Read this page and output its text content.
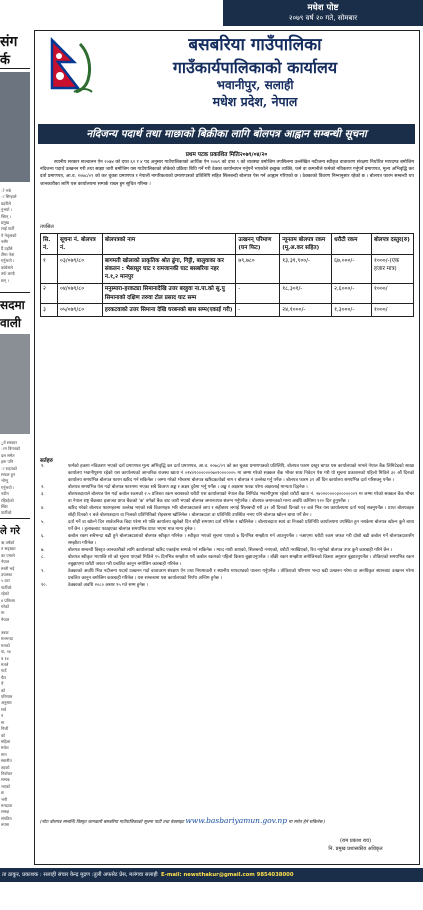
मधेश पोष्ट
२०७९ वर्ष २० गते, सोमबार
संग
र्क
ो भन्ने
ा सिन्हाले
प्रहरीले
नुभयो ।
न्छिन् ।
प्रमुख
लाई पार्टी
ने नेतृत्वको
नसँग
र्दै उहाँले
टीमा नेता
गर्नुभयो ।
कांग्रेसले
तर्फ लाग्दै
छन् ।
सदमा
वाली
ुर्व सरकार
ाम विगतको
दल समेत
हरू पनि
ा राहतको
सफल हुन
भोग्नु
गर्नुभयो ।
नवीन
रहिरहेको
स्थिर
पार्टीको
ले गरे
ऋ वर्षको
त सङ्ख्या
का एमाले
नेपाल
मस्ती भई
उपलब्ध
५ वटा
पार्टीको
रहेको
४ प्रतिशत
गरेको
मा
नेपाल
तबाट
मतभन्दा
मतको
पा, १४
व १४
मतले
गाउँ
चैत
र्ने
को
परिणाम
अनुसार
सर्व
न
मा
निजी
को
महिला
मधेश
माग
स्थानीय
तहको
निर्वाचन
सम्पन्न
भएको
छ
भनी
मतदाता
समक्ष
संगठित
रुपमा
बसबरिया गाउँपालिका
गाउँकार्यपालिकाको कार्यालय
भवानीपुर, सलाही
मधेश प्रदेश, नेपाल
नदिजन्य पदार्थ तथा माछाको बिक्रीका लागि बोलपत्र आह्वान सम्बन्धी सूचना
प्रथम पटक प्रकाशित मितिः२०७९/०४/२०

स्थानीय सरकार सञ्चालन ऐन २०७४ को दफा ६२ र ४ पद अनुसार गाउँपालिकाको आर्थिक ऐन २०७९ को दफा ९ को व्यवस्था बमोजिम तपसिलमा उल्लेखित नदीजन्य स्वीकृत वातावरण संरक्षण निर्धारित मापदण्ड बमोजिम नदिजन्य पदार्थ उत्खनन गरी तथा साझा जारी बमोजिम यस गाउँपालिकाको तोकेको प्रक्रिया बिधि गर्ने गरी ठेक्का कार्यान्वयन गर्नुपर्ने भएकोले इच्छुक व्यक्ति, फर्म वा कम्पनीले फर्मको नविकरण गर्नुपर्ने प्रमाणपत्र, मूल्य अभिवृद्धि कर दर्ता प्रमाणपत्र, आ.व. २०७८/०९ को कर चुक्ता प्रमाणपत्र र नेपाली नागरिकताको प्रमाणपत्रको प्रतिलिपि सहित सिलबन्दी बोलपत्र पेस गर्न आह्वान गरिएको छ । ठेक्काको विवरण निम्नानुसार रहेको छ । बोलपत्र फारम सम्बन्धी थप जानकारीका लागि यस कार्यालयमा सम्पर्क राख्न हुन सूचित गरिन्छ ।

तपसिल
सि. नं.	सूचना नं. बोलपत्र नं.	बोलपत्रको नाम	उत्खनन् परिमाण (घन फिट)	न्यूनतम बोलपत्र रकम (मू.अ.कर सहित)	धरौटी रकम	बोलपत्र दस्तुर(रु)
१	०३/०७९/८०	बागमती खोलाको प्राकृतिक श्रोत ढुंगा, गिट्टी, बालुवाका कर संकलन : भैसासुर घाट र रामजानकी घाट बसबरिया नहर न.१,२ मानपुर	७९,७८०	१३,३१,९००/-	६७,०००/-	१०००/-(एक हजार मात्र)
२	०४/०७९/८०	मनुस्मारा-हरकट्या सिमानादेखि उत्तर बरहुवा ना.पा.को सु.पु सिमानाको दक्षिण तरुवा टोल प्रसाद घाट सम्म	-	१८,३०१/-	२,६०००/-	१०००/
३	०५/०७९/८०	हरकटवाको उत्तर सिमाना देखि घरबनको बास सम्म(एकाई गरी)	-	२४,१०००/-	१,३०००/-	१०००/
सर्तहरु
१.	फर्मको हकमा नविकरण भएको दर्ता प्रमाणपत्र मूल्य अभिवृद्धि कर दर्ता प्रमाणपत्र, आ.व. २०७८/०९ को कर चुक्ता प्रमाणपत्रको प्रतिलिपि, बोलपत्र फारम दस्तुर बापत यस कार्यालयको नामले नेपाल बैंक लिमिटेडको साखा कार्यालय भवानीपुरमा रहेको यस कार्यालयको आन्तरिक राजस्व खाता नं ०२४०१०००००००७०१००००००५ मा जम्मा गरेको सक्कल बैंक भौचर साथ निवेदन पेस गरी यो सूचना प्रकाशनको पहिलो मितिले ३० औं दिनको कार्यालय समयभित्र बोलपत्र फारम खरिद गर्न सकिनेछ । जम्मा गरेको भौचरमा बोलपत्र खरिदकर्ताको नाम र बोलपत्र नं उल्लेख गर्नु पर्नेछ । बोलपत्र फारम ३१ औं दिन कार्यालय समयभित्र दर्ता गरिसक्नु पर्नेछ ।
२.	बोलपत्र समयभित्र पेस गर्दा बोलपत्र फारममा भएका सबै विवरण अङ्क र अक्षर दुवैमा भर्नु पर्नेछ । अङ्क र अक्षरमा फरक परेमा अक्षरलाई मान्यता दिइनेछ ।
३.	बोलपत्रदाताले बोलपत्र पेस गर्दा कबोल रकमको २.५ प्रतिशत रकम बराबरको धरौटी यस कार्यालयको नेपाल बैंक लिमिटेड भवानीपुरमा रहेको धरौटी खाता नं. २४०२०००००३०००००००९ मा जम्मा गरेको सक्कल बैंक भौचर वा नेपाल राष्ट्र बैंकबाट इजाजत प्राप्त बैंकको 'क' वर्गको बैंक बाट जारी भएको बोलपत्र जमानतपत्र संलग्न गर्नुपर्नेछ । बोलपत्र जमानतको मान्य अवधि कम्तिमा १२० दिन हुनुपर्नेछ ।
४.	खरिद गरेको बोलपत्र फारमहरुमा उल्लेख भएको सबै विवरणहरु भरि बोलपत्रदाताले छाप र सहीछाप लगाई सिलबन्दी गरी ३१ औं दिनको दिनको १२ बजे भित्र यस कार्यालयमा दर्ता गराई सक्नुपर्नेछ । प्राप्त बोलपत्रहरु सोही दिनको १ बजे बोलपत्रदाता वा निजको प्रतिनिधिको रोहबरमा खोलिनेछ । बोलपत्रदाता वा प्रतिनिधि उपस्थित नभए पनि बोलपत्र खोल्न बाधा पर्ने छैन ।
५.	दर्ता गर्ने वा खोल्ने दिन सार्वजनिक बिदा परेमा सो पछि कार्यालय खुलेको दिन सोही समयमा दर्ता गरिनेछ र खोलिनेछ । बोलपत्रदाता स्वयं वा निजको प्रतिनिधि कार्यालयमा उपस्थित हुन नसकेमा बोलपत्र खोल्न कुनै बाधा पर्ने छैन । हुलाकबाट पठाइएका बोलपत्र समयभित्र प्राप्त भएमा मात्र मान्य हुनेछ ।
६.	कबोल रकम सबैभन्दा बढी हुने बोलपत्रदाताको बोलपत्र स्वीकृत गरिनेछ । स्वीकृत भएको सूचना पाएको ७ दिनभित्र सम्झौता गर्न आउनुपर्नेछ । नआएमा धरौटी रकम जफत गरी दोस्रो बढी कबोल गर्ने बोलपत्रदातासँग सम्झौता गरिनेछ ।
७.	बोलपत्र सम्बन्धी विस्तृत जानकारीको लागि कार्यालयको खरिद एकाईमा सम्पर्क गर्न सकिनेछ । म्याद नाघी आएको, सिलबन्दी नभएको, धरौटी नराखिएको, रित नपुगेको बोलपत्र उपर कुनै कारबाही गरिने छैन ।
८.	बोलपत्र स्वीकृत भएपछि सो को सूचना पाएको मितिले १५ दिनभित्र सम्झौता गरी कबोल रकमको पहिलो किस्ता बुझाउनुपर्नेछ । बाँकी रकम सम्झौता बमोजिमको किस्ता अनुसार बुझाउनुपर्नेछ । तोकिएको समयभित्र रकम नबुझाएमा धरौटी जफत गरी प्रचलित कानुन बमोजिम कारबाही गरिनेछ ।
९.	ठेक्काको अवधि भित्र नदीजन्य पदार्थ उत्खनन गर्दा वातावरण संरक्षण ऐन तथा नियमावली र स्थानीय मापदण्डको पालना गर्नुपर्नेछ । तोकिएको परिमाण भन्दा बढी उत्खनन गरेमा वा अनधिकृत स्थानबाट उत्खनन गरेमा प्रचलित कानुन बमोजिम कारबाही गरिनेछ । यस सम्बन्धमा यस कार्यालयको निर्णय अन्तिम हुनेछ ।
१०.	ठेक्काको अवधि २०८० असार १५ गते सम्म हुनेछ ।
(नोटः बोलपत्र सम्बन्धि विस्तृत जानकारी बसबरिया गाउँपालिकाको सूचना पाटी तथा वेबसाइट www.basbariyamun.gov.np मा समेत हेर्न सकिनेछ )
(राम प्रकाश राय)
नि. प्रमुख प्रशासकीय अधिकृत
ता ठाकुर, प्रकाशक : सलाही संचार केन्द्र मुद्रण :तुली अफसेट प्रेस, मलंगवा सलाही E-mail: newsthakur@gmail.com 9854038000
